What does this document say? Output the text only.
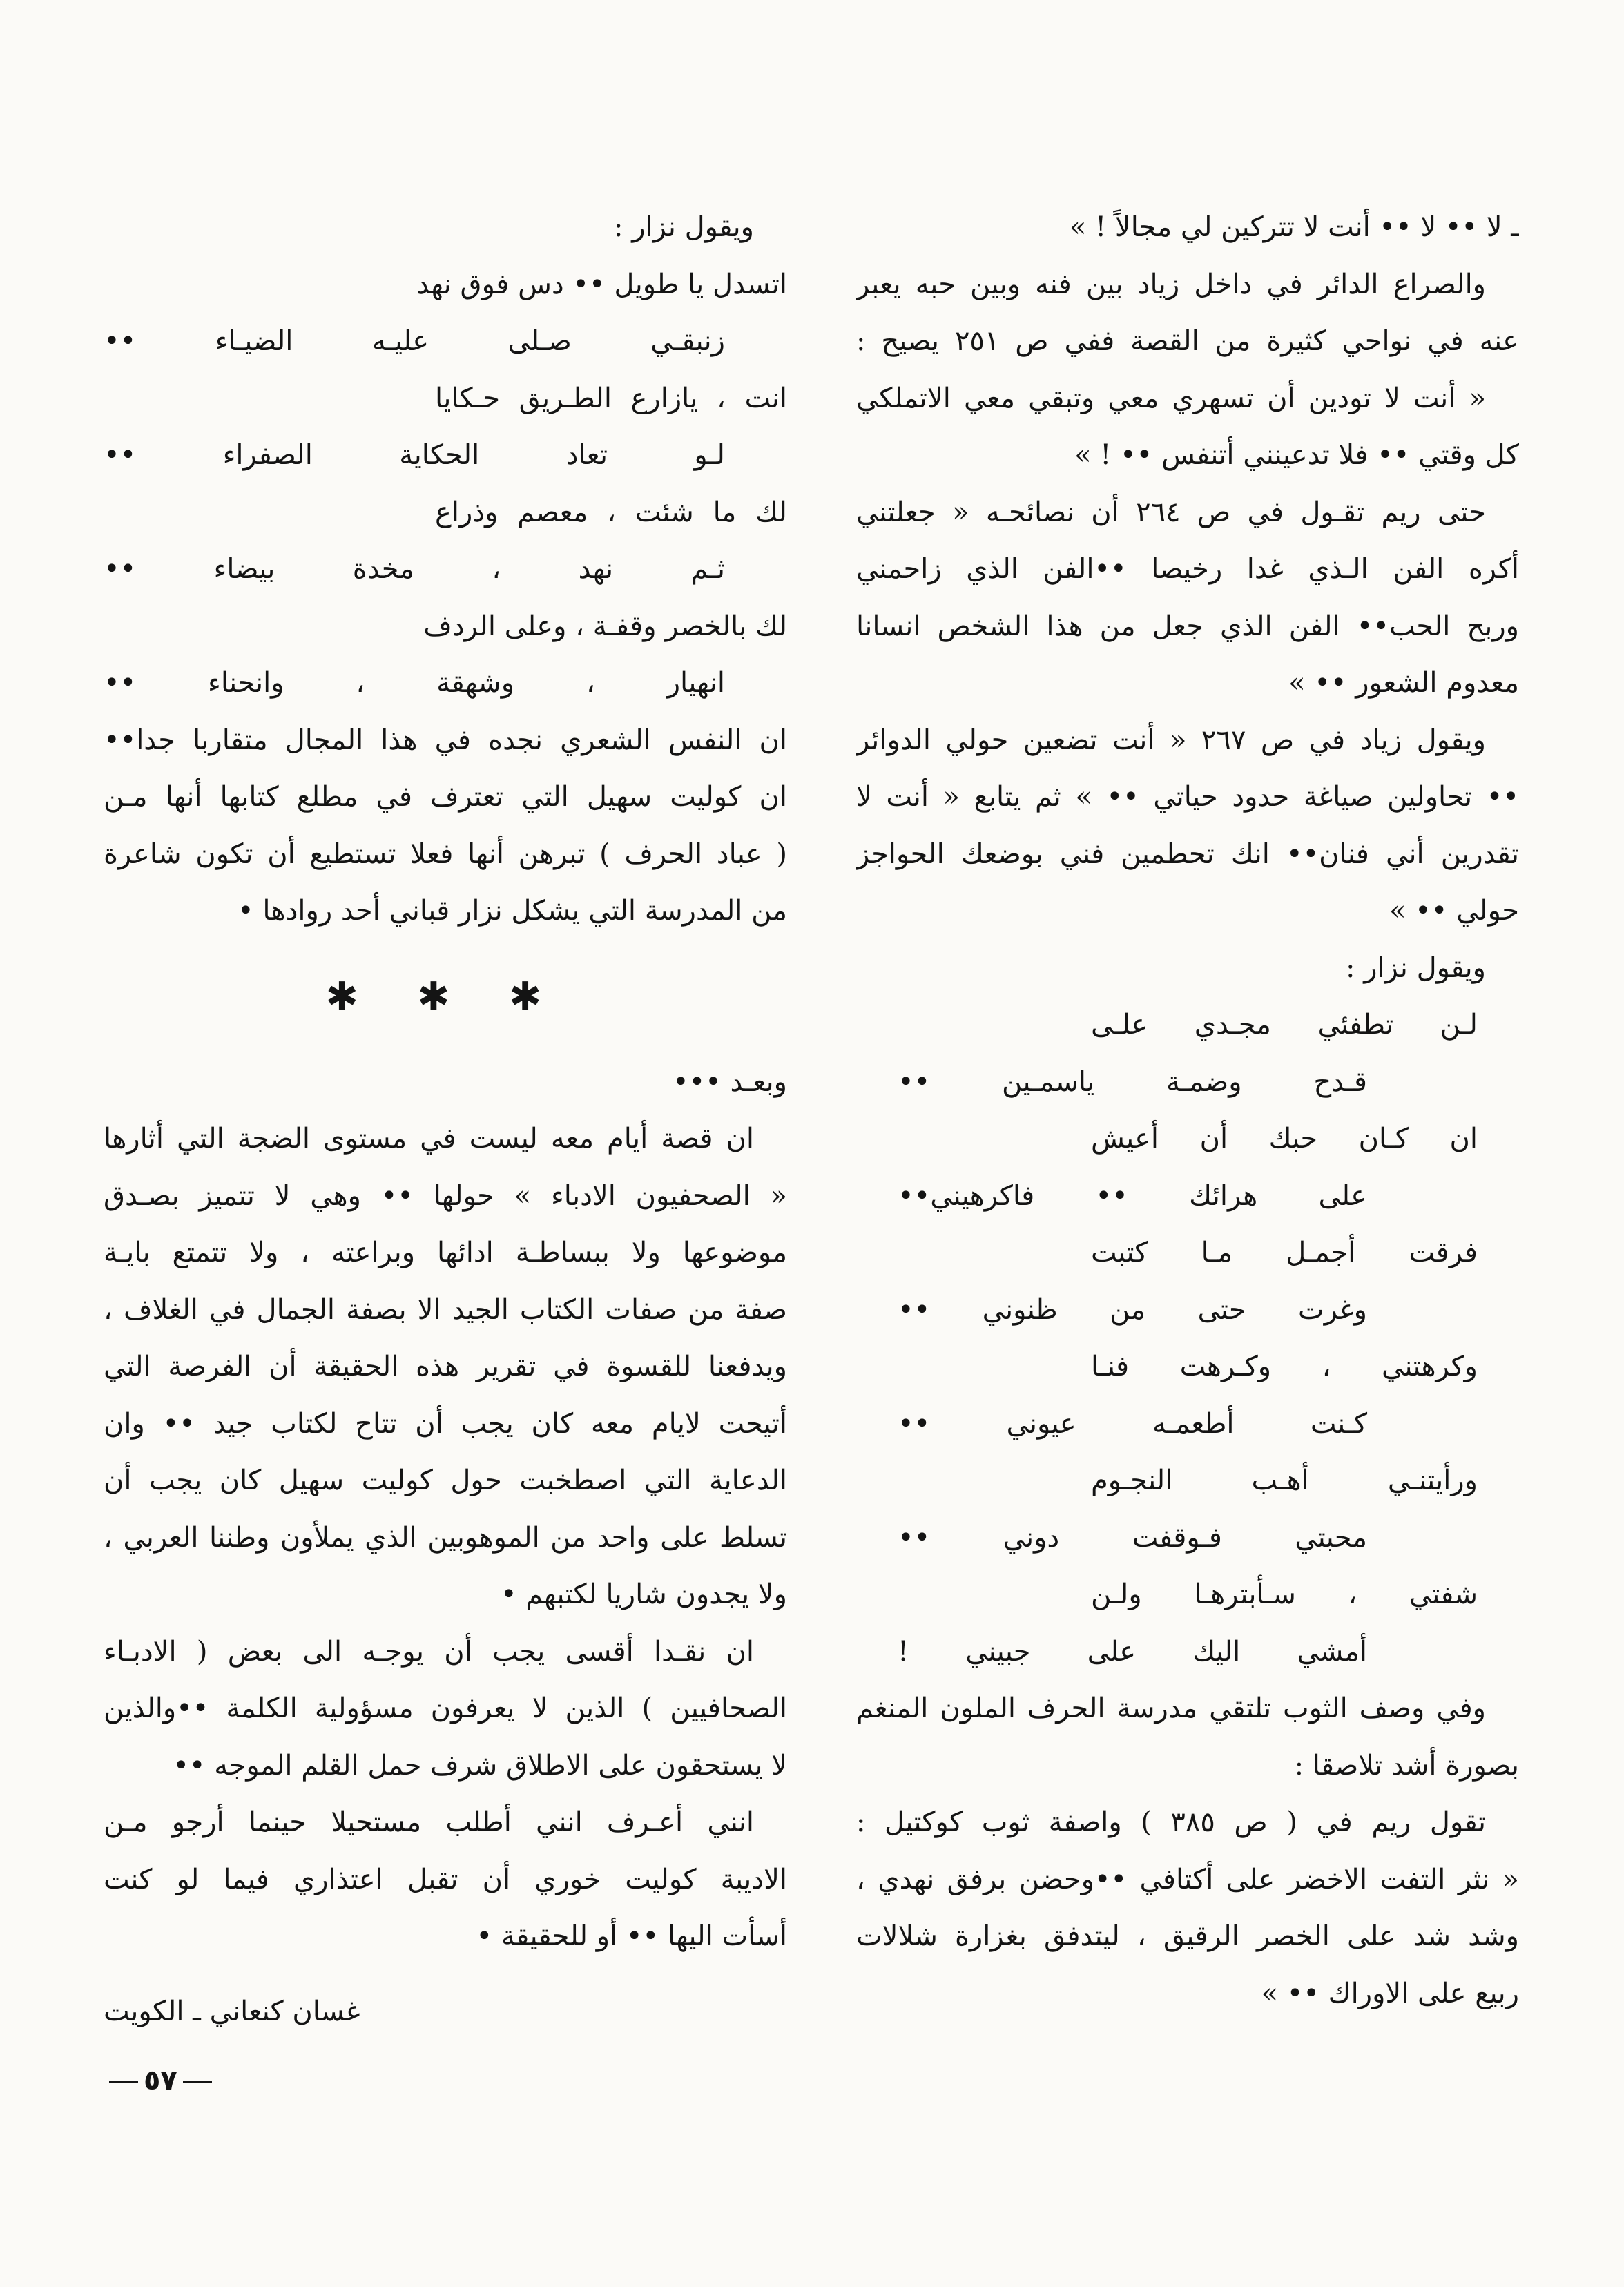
ـ لا •• لا •• أنت لا تتركين لي مجالاً ! »
والصراع الدائر في داخل زياد بين فنه وبين حبه يعبر
عنه في نواحي كثيرة من القصة ففي ص ٢٥١ يصيح :
« أنت لا تودين أن تسهري معي وتبقي معي الاتملكي
كل وقتي •• فلا تدعينني أتنفس •• ! »
حتى ريم تقـول في ص ٢٦٤ أن نصائحـه « جعلتني
أكره الفن الـذي غدا رخيصا ••الفن الذي زاحمني
وربح الحب•• الفن الذي جعل من هذا الشخص انسانا
معدوم الشعور •• »
ويقول زياد في ص ٢٦٧ « أنت تضعين حولي الدوائر
•• تحاولين صياغة حدود حياتي •• » ثم يتابع « أنت لا
تقدرين أني فنان•• انك تحطمين فني بوضعك الحواجز
حولي •• »
ويقول نزار :
لـن تطفئي مجـدي علـى
قـدح وضمـة ياسمـين ••
ان كـان حبك أن أعيش
على هرائك •• فاكرهيني••
فرقت أجمـل مـا كتبت
وغرت حتى من ظنوني ••
وكرهتني ، وكـرهت فنـا
كـنت أطعمـه عيوني ••
ورأيتنـي أهـب النجـوم
محبتي فـوقفت دوني ••
شفتي ، سـأبترهـا ولـن
أمشي اليك على جبيني !
وفي وصف الثوب تلتقي مدرسة الحرف الملون المنغم
بصورة أشد تلاصقا :
تقول ريم في ( ص ٣٨٥ ) واصفة ثوب كوكتيل :
« نثر التفت الاخضر على أكتافي ••وحضن برفق نهدي ،
وشد شد على الخصر الرقيق ، ليتدفق بغزارة شلالات
ربيع على الاوراك •• »
ويقول نزار :
اتسدل يا طويل •• دس فوق نهد
زنبقـي صـلى عليـه الضيـاء ••
انت ، يازارع الطـريق حـكايا
لـو تعاد الحكاية الصفراء ••
لك ما شئت ، معصم وذراع
ثـم نهد ، مخدة بيضاء ••
لك بالخصر وقفـة ، وعلى الردف
انهيار ، وشهقة ، وانحناء ••
ان النفس الشعري نجده في هذا المجال متقاربا جدا••
ان كوليت سهيل التي تعترف في مطلع كتابها أنها مـن
( عباد الحرف ) تبرهن أنها فعلا تستطيع أن تكون شاعرة
من المدرسة التي يشكل نزار قباني أحد روادها •
✱ ✱ ✱
وبعـد •••
ان قصة أيام معه ليست في مستوى الضجة التي أثارها
« الصحفيون الادباء » حولها •• وهي لا تتميز بصـدق
موضوعها ولا ببساطـة ادائها وبراعته ، ولا تتمتع بايـة
صفة من صفات الكتاب الجيد الا بصفة الجمال في الغلاف ،
ويدفعنا للقسوة في تقرير هذه الحقيقة أن الفرصة التي
أتيحت لايام معه كان يجب أن تتاح لكتاب جيد •• وان
الدعاية التي اصطخبت حول كوليت سهيل كان يجب أن
تسلط على واحد من الموهوبين الذي يملأون وطننا العربي ،
ولا يجدون شاريا لكتبهم •
ان نقـدا أقسى يجب أن يوجـه الى بعض ( الادبـاء
الصحافيين ) الذين لا يعرفون مسؤولية الكلمة ••والذين
لا يستحقون على الاطلاق شرف حمل القلم الموجه ••
انني أعـرف انني أطلب مستحيلا حينما أرجو مـن
الاديبة كوليت خوري أن تقبل اعتذاري فيما لو كنت
أسأت اليها •• أو للحقيقة •
غسان كنعاني ـ الكويت
٥٧
